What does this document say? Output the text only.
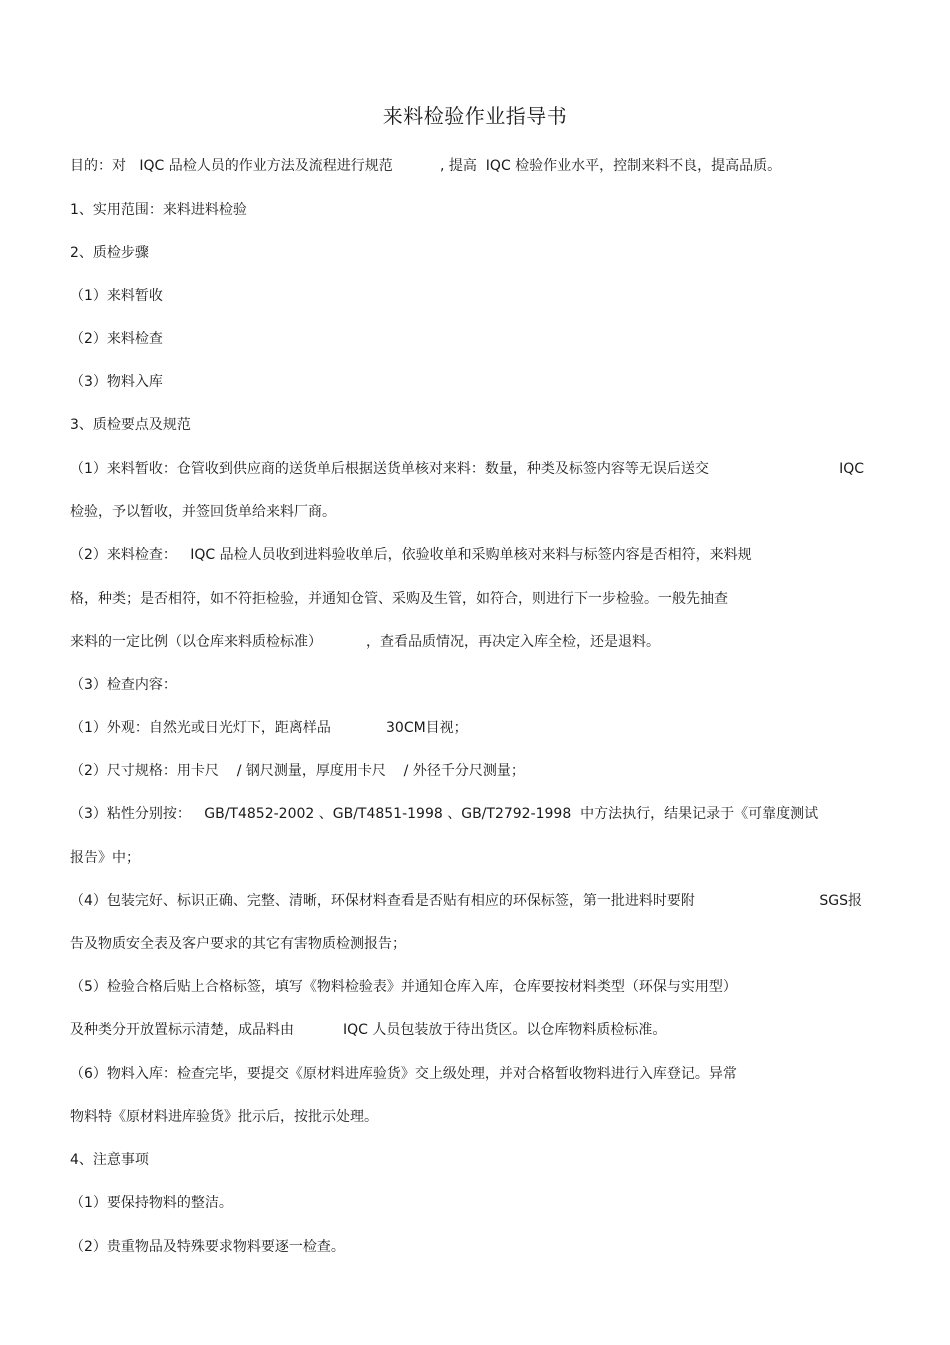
来料检验作业指导书
目的：对   IQC 品检人员的作业方法及流程进行规范	, 提高  IQC 检验作业水平，控制来料不良，提高品质。
1、实用范围：来料进料检验
2、质检步骤
（1）来料暂收
（2）来料检查
（3）物料入库
3、质检要点及规范
（1）来料暂收：仓管收到供应商的送货单后根据送货单核对来料：数量，种类及标签内容等无误后送交	IQC
检验，予以暂收，并签回货单给来料厂商。
（2）来料检查：   IQC 品检人员收到进料验收单后，依验收单和采购单核对来料与标签内容是否相符，来料规
格，种类；是否相符，如不符拒检验，并通知仓管、采购及生管，如符合，则进行下一步检验。一般先抽查
来料的一定比例（以仓库来料质检标准）	，查看品质情况，再决定入库全检，还是退料。
（3）检查内容：
（1）外观：自然光或日光灯下，距离样品	30CM目视；
（2）尺寸规格：用卡尺    / 钢尺测量，厚度用卡尺    / 外径千分尺测量；
（3）粘性分别按：   GB/T4852-2002 、GB/T4851-1998 、GB/T2792-1998  中方法执行，结果记录于《可靠度测试
报告》中；
（4）包装完好、标识正确、完整、清晰，环保材料查看是否贴有相应的环保标签，第一批进料时要附	SGS报
告及物质安全表及客户要求的其它有害物质检测报告；
（5）检验合格后贴上合格标签，填写《物料检验表》并通知仓库入库，仓库要按材料类型（环保与实用型）
及种类分开放置标示清楚，成品料由	IQC 人员包装放于待出货区。以仓库物料质检标准。
（6）物料入库：检查完毕，要提交《原材料进库验货》交上级处理，并对合格暂收物料进行入库登记。异常
物料特《原材料进库验货》批示后，按批示处理。
4、注意事项
（1）要保持物料的整洁。
（2）贵重物品及特殊要求物料要逐一检查。
